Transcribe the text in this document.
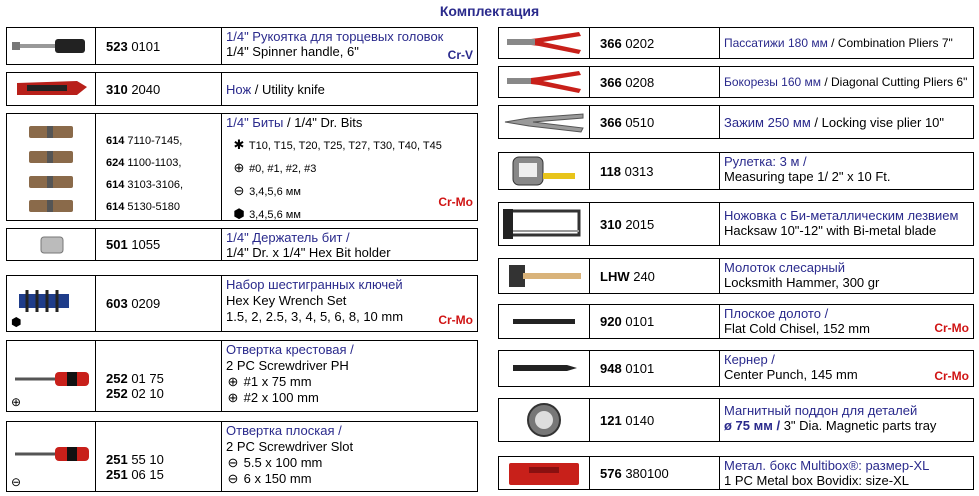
Комплектация
523 0101
1/4" Рукоятка для торцевых головок
1/4" Spinner handle, 6"	Cr-V
310 2040	Нож / Utility knife
614 7110-7145,
624 1100-1103,
614 3103-3106,
614 5130-5180
1/4" Биты / 1/4" Dr. Bits
✱ T10, T15, T20, T25, T27, T30, T40, T45
⊕ #0, #1, #2, #3
⊖ 3,4,5,6 мм
⬢ 3,4,5,6 мм
Cr-Mo
501 1055	1/4" Держатель бит /
1/4" Dr. x 1/4" Hex Bit holder
⬢
603 0209
Набор шестигранных ключей
Hex Key Wrench Set
1.5, 2, 2.5, 3, 4, 5, 6, 8, 10 mm	Cr-Mo
⊕
252 01 75
252 02 10
Отвертка крестовая /
2 PC Screwdriver PH
⊕ #1 x 75 mm
⊕ #2 x 100 mm
⊖
251 55 10
251 06 15
Отвертка плоская /
2 PC Screwdriver Slot
⊖ 5.5 x 100 mm
⊖ 6 x 150 mm
366 0202	Пассатижи 180 мм / Combination Pliers 7"
366 0208	Бокорезы 160 мм / Diagonal Cutting Pliers 6"
366 0510	Зажим 250 мм / Locking vise plier 10"
118 0313
Рулетка: 3 м /
Measuring tape 1/ 2" x 10 Ft.
310 2015
Ножовка с Би-металлическим лезвием
Hacksaw 10"-12" with Bi-metal blade
LHW 240
Молоток слесарный
Locksmith Hammer, 300 gr
920 0101
Плоское долото /
Flat Cold Chisel, 152 mm	Cr-Mo
948 0101
Кернер /
Center Punch, 145 mm	Cr-Mo
121 0140
Магнитный поддон для деталей
ø 75 мм / 3" Dia. Magnetic parts tray
576 380100	Метал. бокс Multibox®: размер-XL
1 PC Metal box Bovidix: size-XL
